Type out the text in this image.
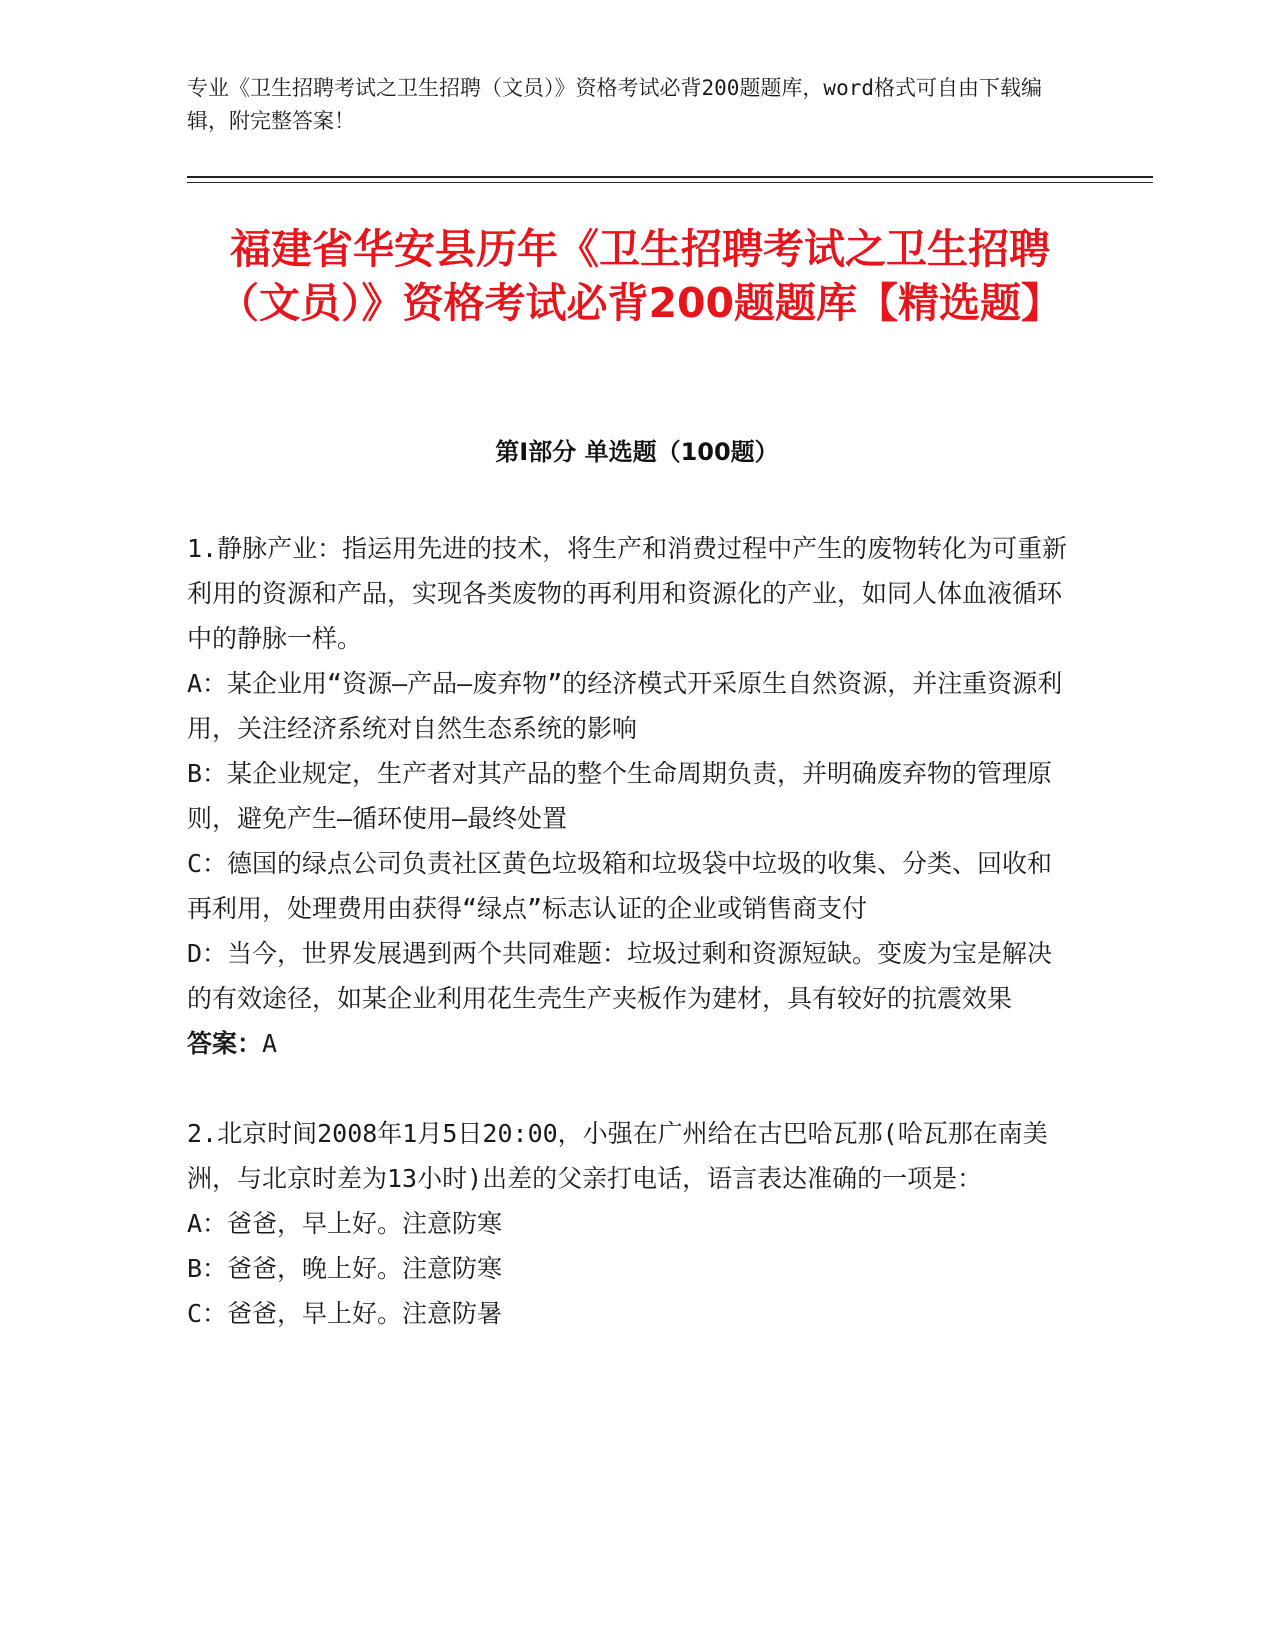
专业《卫生招聘考试之卫生招聘（文员）》资格考试必背200题题库，word格式可自由下载编辑，附完整答案！
福建省华安县历年《卫生招聘考试之卫生招聘（文员）》资格考试必背200题题库【精选题】
第I部分 单选题（100题）

1.静脉产业：指运用先进的技术，将生产和消费过程中产生的废物转化为可重新利用的资源和产品，实现各类废物的再利用和资源化的产业，如同人体血液循环中的静脉一样。

A：某企业用“资源—产品—废弃物”的经济模式开采原生自然资源，并注重资源利用，关注经济系统对自然生态系统的影响

B：某企业规定，生产者对其产品的整个生命周期负责，并明确废弃物的管理原则，避免产生—循环使用—最终处置

C：德国的绿点公司负责社区黄色垃圾箱和垃圾袋中垃圾的收集、分类、回收和再利用，处理费用由获得“绿点”标志认证的企业或销售商支付

D：当今，世界发展遇到两个共同难题：垃圾过剩和资源短缺。变废为宝是解决的有效途径，如某企业利用花生壳生产夹板作为建材，具有较好的抗震效果

答案：A

2.北京时间2008年1月5日20:00，小强在广州给在古巴哈瓦那(哈瓦那在南美洲，与北京时差为13小时)出差的父亲打电话，语言表达准确的一项是：

A：爸爸，早上好。注意防寒

B：爸爸，晚上好。注意防寒

C：爸爸，早上好。注意防暑
